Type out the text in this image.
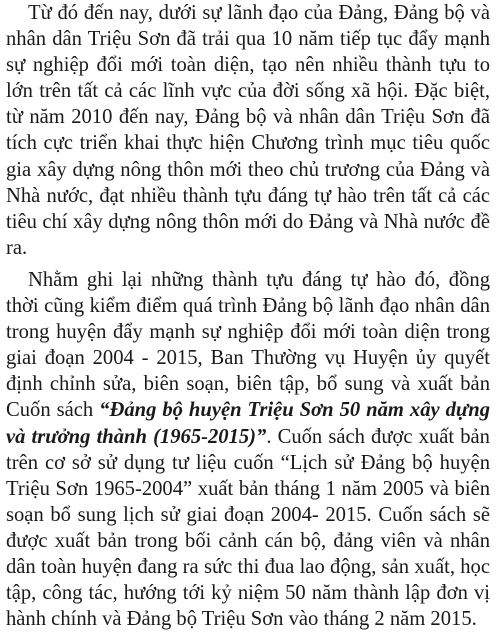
Từ đó đến nay, dưới sự lãnh đạo của Đảng, Đảng bộ và nhân dân Triệu Sơn đã trải qua 10 năm tiếp tục đẩy mạnh sự nghiệp đổi mới toàn diện, tạo nên nhiều thành tựu to lớn trên tất cả các lĩnh vực của đời sống xã hội. Đặc biệt, từ năm 2010 đến nay, Đảng bộ và nhân dân Triệu Sơn đã tích cực triển khai thực hiện Chương trình mục tiêu quốc gia xây dựng nông thôn mới theo chủ trương của Đảng và Nhà nước, đạt nhiều thành tựu đáng tự hào trên tất cả các tiêu chí xây dựng nông thôn mới do Đảng và Nhà nước đề ra.

Nhằm ghi lại những thành tựu đáng tự hào đó, đồng thời cũng kiểm điểm quá trình Đảng bộ lãnh đạo nhân dân trong huyện đẩy mạnh sự nghiệp đổi mới toàn diện trong giai đoạn 2004 - 2015, Ban Thường vụ Huyện ủy quyết định chỉnh sửa, biên soạn, biên tập, bổ sung và xuất bản Cuốn sách “Đảng bộ huyện Triệu Sơn 50 năm xây dựng và trưởng thành (1965-2015)”. Cuốn sách được xuất bản trên cơ sở sử dụng tư liệu cuốn “Lịch sử Đảng bộ huyện Triệu Sơn 1965-2004” xuất bản tháng 1 năm 2005 và biên soạn bổ sung lịch sử giai đoạn 2004- 2015. Cuốn sách sẽ được xuất bản trong bối cảnh cán bộ, đảng viên và nhân dân toàn huyện đang ra sức thi đua lao động, sản xuất, học tập, công tác, hướng tới kỷ niệm 50 năm thành lập đơn vị hành chính và Đảng bộ Triệu Sơn vào tháng 2 năm 2015.
